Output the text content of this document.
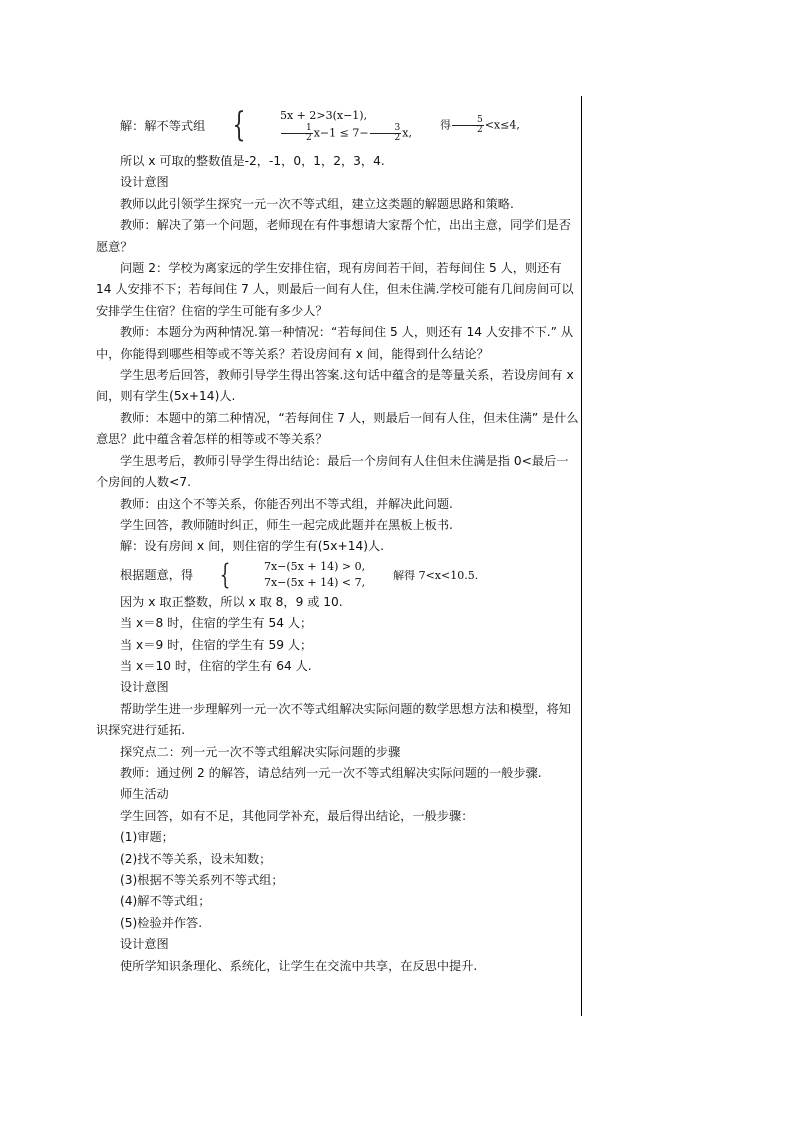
解：解不等式组 {	5x + 2>3(x−1),
$\frac{1}{2} x-1 \le 7- \frac{3}{2} x$,
得 $\frac{5}{2} <x\le 4$,

所以 x 可取的整数值是-2，-1，0，1，2，3，4.

设计意图

教师以此引领学生探究一元一次不等式组，建立这类题的解题思路和策略.

教师：解决了第一个问题，老师现在有件事想请大家帮个忙，出出主意，同学们是否愿意？

问题 2：学校为离家远的学生安排住宿，现有房间若干间，若每间住 5 人，则还有 14 人安排不下；若每间住 7 人，则最后一间有人住，但未住满.学校可能有几间房间可以安排学生住宿？住宿的学生可能有多少人？

教师：本题分为两种情况.第一种情况：“若每间住 5 人，则还有 14 人安排不下.” 从中，你能得到哪些相等或不等关系？若设房间有 x 间，能得到什么结论？

学生思考后回答，教师引导学生得出答案.这句话中蕴含的是等量关系，若设房间有 x 间，则有学生(5x+14)人.

教师：本题中的第二种情况，“若每间住 7 人，则最后一间有人住，但未住满” 是什么意思？此中蕴含着怎样的相等或不等关系？

学生思考后，教师引导学生得出结论：最后一个房间有人住但未住满是指 0<最后一个房间的人数<7.

教师：由这个不等关系，你能否列出不等式组，并解决此问题.

学生回答，教师随时纠正，师生一起完成此题并在黑板上板书.

解：设有房间 x 间，则住宿的学生有(5x+14)人.

根据题意，得 {	7x−(5x + 14) > 0,
7x−(5x + 14) < 7,
解得 7<x<10.5.

因为 x 取正整数，所以 x 取 8，9 或 10.

当 x＝8 时，住宿的学生有 54 人；

当 x＝9 时，住宿的学生有 59 人；

当 x＝10 时，住宿的学生有 64 人.

设计意图

帮助学生进一步理解列一元一次不等式组解决实际问题的数学思想方法和模型，将知识探究进行延拓.

探究点二：列一元一次不等式组解决实际问题的步骤

教师：通过例 2 的解答，请总结列一元一次不等式组解决实际问题的一般步骤.

师生活动

学生回答，如有不足，其他同学补充，最后得出结论，一般步骤：

(1)审题；

(2)找不等关系，设未知数；

(3)根据不等关系列不等式组；

(4)解不等式组；

(5)检验并作答.

设计意图

使所学知识条理化、系统化，让学生在交流中共享，在反思中提升.
